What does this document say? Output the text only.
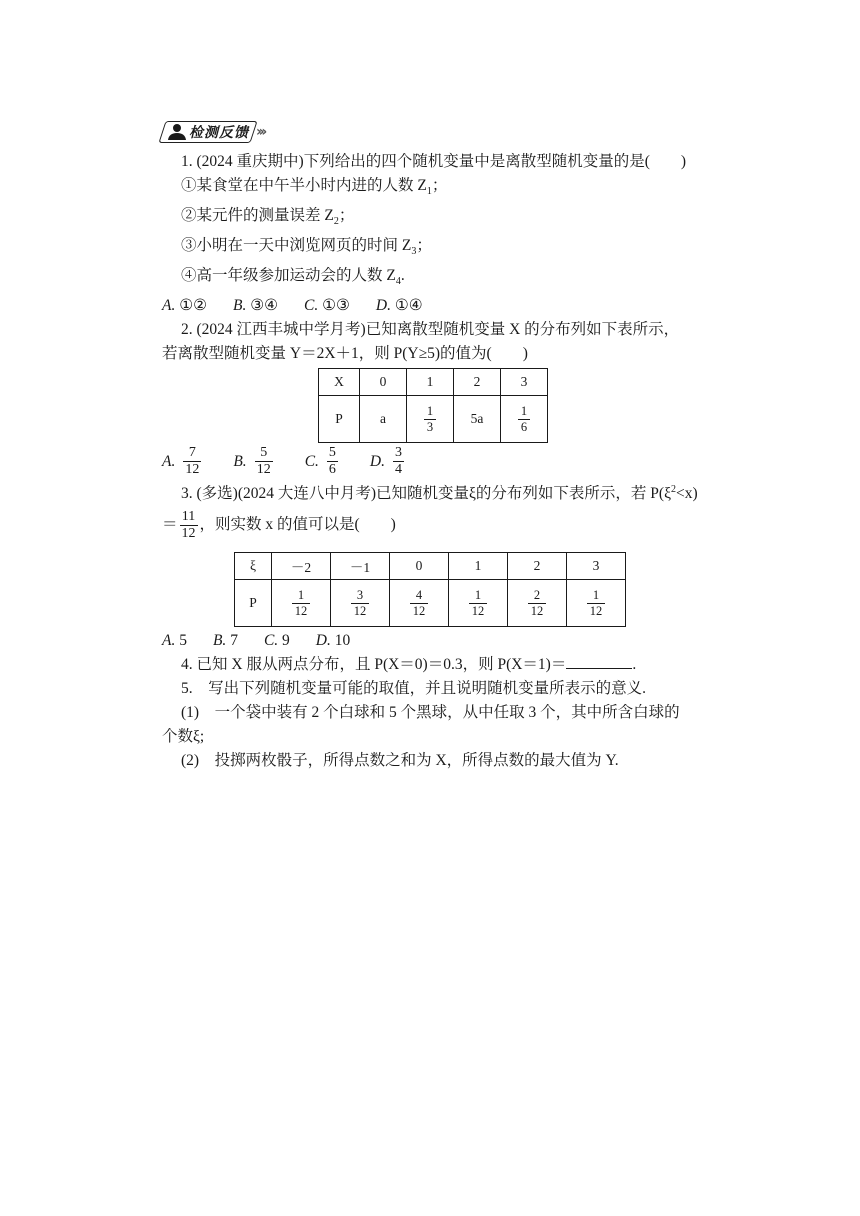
检测反馈 ›››
1. (2024 重庆期中)下列给出的四个随机变量中是离散型随机变量的是(　　)
①某食堂在中午半小时内进的人数 $Z_1$；
②某元件的测量误差 $Z_2$；
③小明在一天中浏览网页的时间 $Z_3$；
④高一年级参加运动会的人数 $Z_4$.
A. ①② B. ③④ C. ①③ D. ①④
2. (2024 江西丰城中学月考)已知离散型随机变量 X 的分布列如下表所示，
若离散型随机变量 Y＝2X＋1，则 P(Y≥5)的值为(　　)
X	0	1	2	3
P	a	$\frac{1}{3}$	5a	$\frac{1}{6}$
A. $\frac{7}{12} B$. $\frac{5}{12} C$. $\frac{5}{6} D$. $\frac{3}{4}$
3. (多选)(2024 大连八中月考)已知随机变量ξ的分布列如下表所示，若 $P(\xi^2<x)$
＝ $\frac{11}{12}$ ，则实数 x 的值可以是(　　)
ξ	－2	－1	0	1	2	3
P	$\frac{1}{12}$	$\frac{3}{12}$	$\frac{4}{12}$	$\frac{1}{12}$	$\frac{2}{12}$	$\frac{1}{12}$
A. 5 B. 7 C. 9 D. 10
4. 已知 X 服从两点分布，且 P(X＝0)＝0.3，则 P(X＝1)＝	.
5.　写出下列随机变量可能的取值，并且说明随机变量所表示的意义.
(1)　一个袋中装有 2 个白球和 5 个黑球，从中任取 3 个，其中所含白球的
个数ξ;
(2)　投掷两枚骰子，所得点数之和为 X，所得点数的最大值为 Y.
